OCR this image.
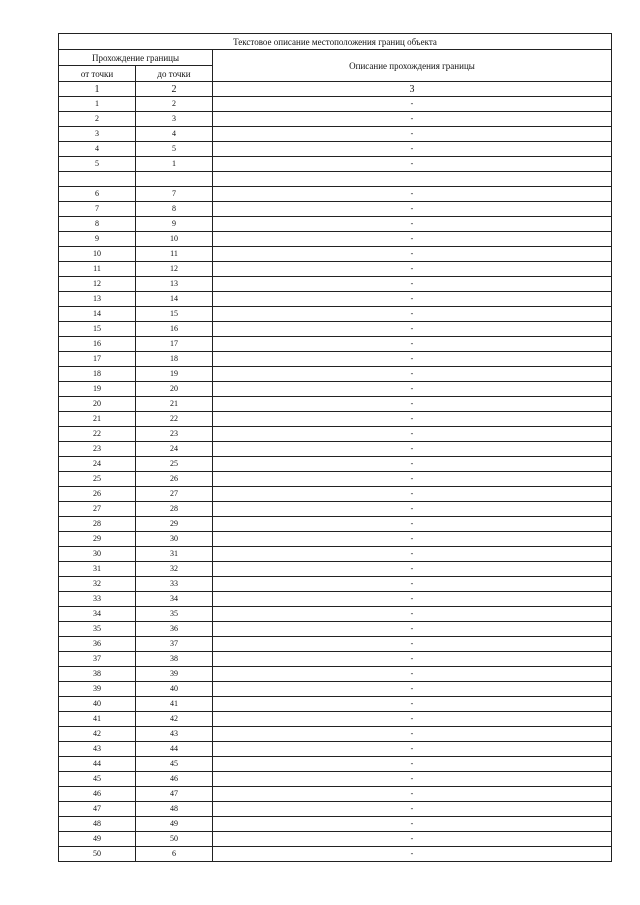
Текстовое описание местоположения границ объекта		
Прохождение границы		Описание прохождения границы
от точки	до точки	
1	2	3
1	2	-
2	3	-
3	4	-
4	5	-
5	1	-

6	7	-
7	8	-
8	9	-
9	10	-
10	11	-
11	12	-
12	13	-
13	14	-
14	15	-
15	16	-
16	17	-
17	18	-
18	19	-
19	20	-
20	21	-
21	22	-
22	23	-
23	24	-
24	25	-
25	26	-
26	27	-
27	28	-
28	29	-
29	30	-
30	31	-
31	32	-
32	33	-
33	34	-
34	35	-
35	36	-
36	37	-
37	38	-
38	39	-
39	40	-
40	41	-
41	42	-
42	43	-
43	44	-
44	45	-
45	46	-
46	47	-
47	48	-
48	49	-
49	50	-
50	6	-
